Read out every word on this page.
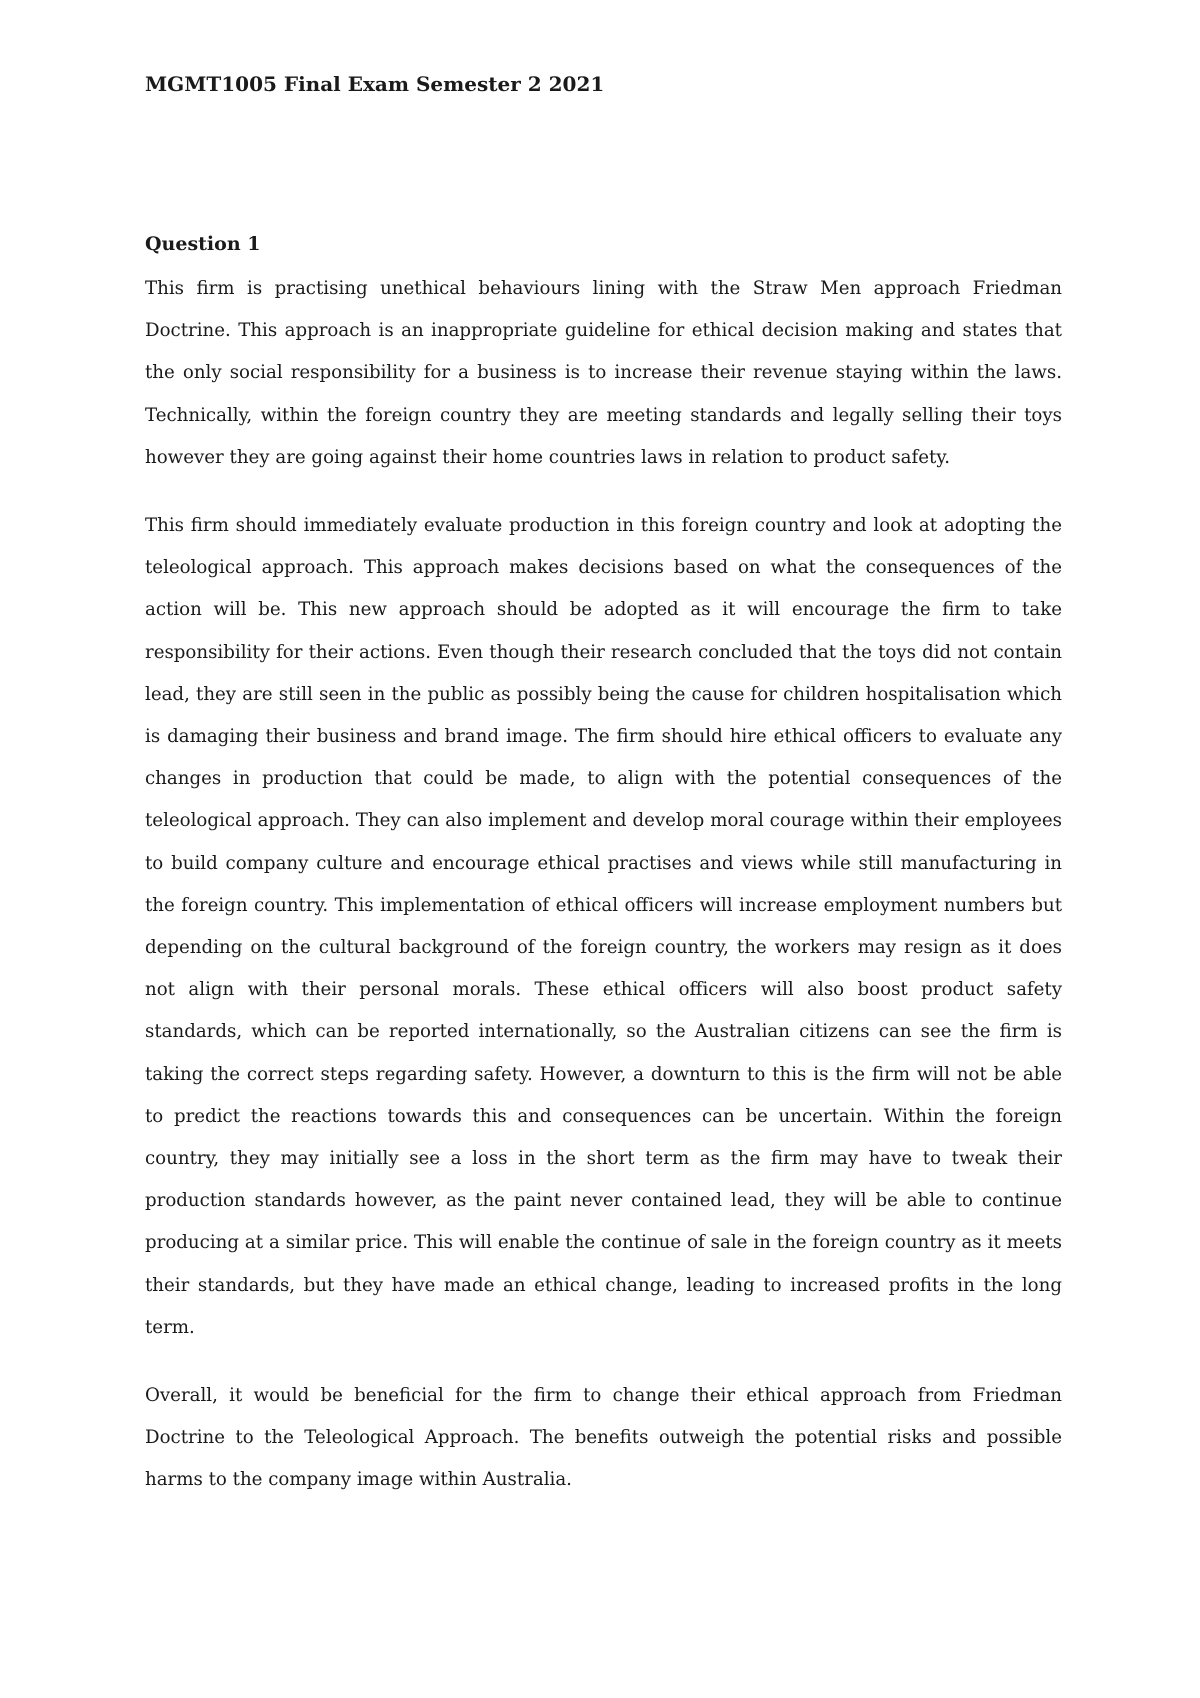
MGMT1005 Final Exam Semester 2 2021
Question 1

This firm is practising unethical behaviours lining with the Straw Men approach Friedman Doctrine. This approach is an inappropriate guideline for ethical decision making and states that the only social responsibility for a business is to increase their revenue staying within the laws. Technically, within the foreign country they are meeting standards and legally selling their toys however they are going against their home countries laws in relation to product safety.

This firm should immediately evaluate production in this foreign country and look at adopting the teleological approach. This approach makes decisions based on what the consequences of the action will be. This new approach should be adopted as it will encourage the firm to take responsibility for their actions. Even though their research concluded that the toys did not contain lead, they are still seen in the public as possibly being the cause for children hospitalisation which is damaging their business and brand image. The firm should hire ethical officers to evaluate any changes in production that could be made, to align with the potential consequences of the teleological approach. They can also implement and develop moral courage within their employees to build company culture and encourage ethical practises and views while still manufacturing in the foreign country. This implementation of ethical officers will increase employment numbers but depending on the cultural background of the foreign country, the workers may resign as it does not align with their personal morals. These ethical officers will also boost product safety standards, which can be reported internationally, so the Australian citizens can see the firm is taking the correct steps regarding safety. However, a downturn to this is the firm will not be able to predict the reactions towards this and consequences can be uncertain. Within the foreign country, they may initially see a loss in the short term as the firm may have to tweak their production standards however, as the paint never contained lead, they will be able to continue producing at a similar price. This will enable the continue of sale in the foreign country as it meets their standards, but they have made an ethical change, leading to increased profits in the long term.

Overall, it would be beneficial for the firm to change their ethical approach from Friedman Doctrine to the Teleological Approach. The benefits outweigh the potential risks and possible harms to the company image within Australia.
